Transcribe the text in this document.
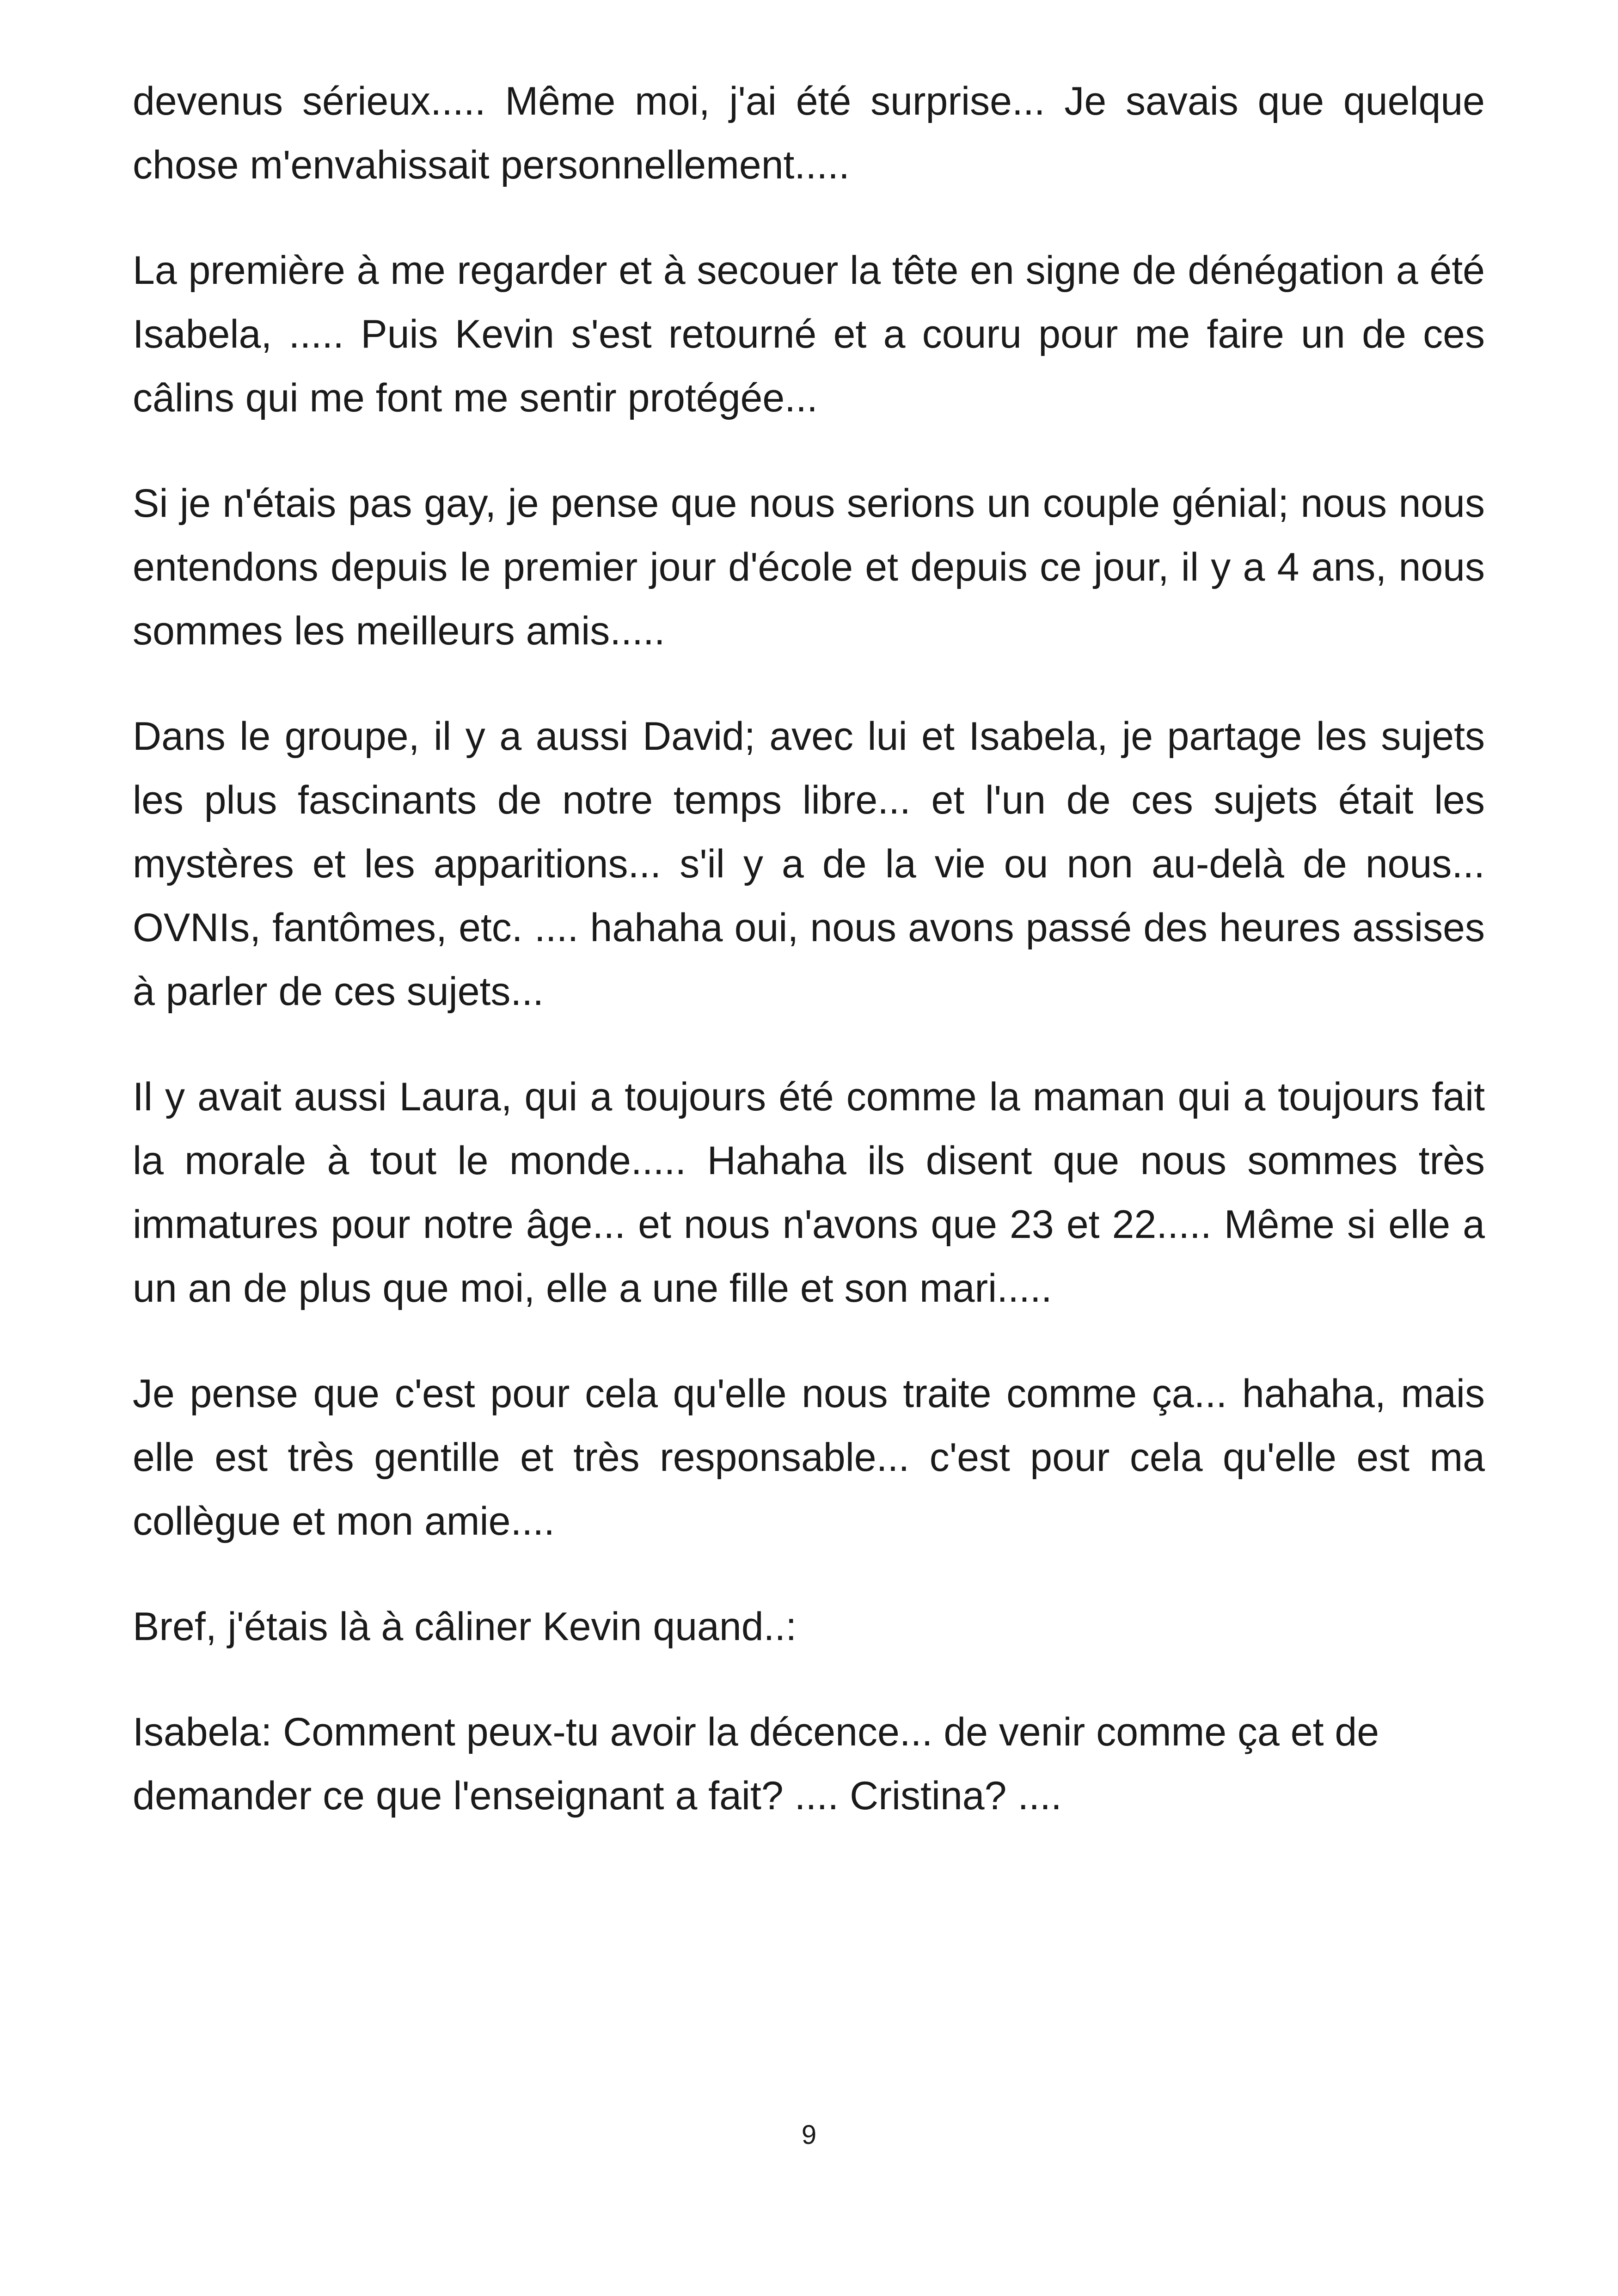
devenus sérieux..... Même moi, j'ai été surprise... Je savais que quelque chose m'envahissait personnellement.....

La première à me regarder et à secouer la tête en signe de dénégation a été Isabela, ..... Puis Kevin s'est retourné et a couru pour me faire un de ces câlins qui me font me sentir protégée...

Si je n'étais pas gay, je pense que nous serions un couple génial; nous nous entendons depuis le premier jour d'école et depuis ce jour, il y a 4 ans, nous sommes les meilleurs amis.....

Dans le groupe, il y a aussi David; avec lui et Isabela, je partage les sujets les plus fascinants de notre temps libre... et l'un de ces sujets était les mystères et les apparitions... s'il y a de la vie ou non au-delà de nous... OVNIs, fantômes, etc. .... hahaha oui, nous avons passé des heures assises à parler de ces sujets...

Il y avait aussi Laura, qui a toujours été comme la maman qui a toujours fait la morale à tout le monde..... Hahaha ils disent que nous sommes très immatures pour notre âge... et nous n'avons que 23 et 22..... Même si elle a un an de plus que moi, elle a une fille et son mari.....

Je pense que c'est pour cela qu'elle nous traite comme ça... hahaha, mais elle est très gentille et très responsable... c'est pour cela qu'elle est ma collègue et mon amie....

Bref, j'étais là à câliner Kevin quand..:

Isabela: Comment peux-tu avoir la décence... de venir comme ça et de demander ce que l'enseignant a fait? .... Cristina? ....

9
